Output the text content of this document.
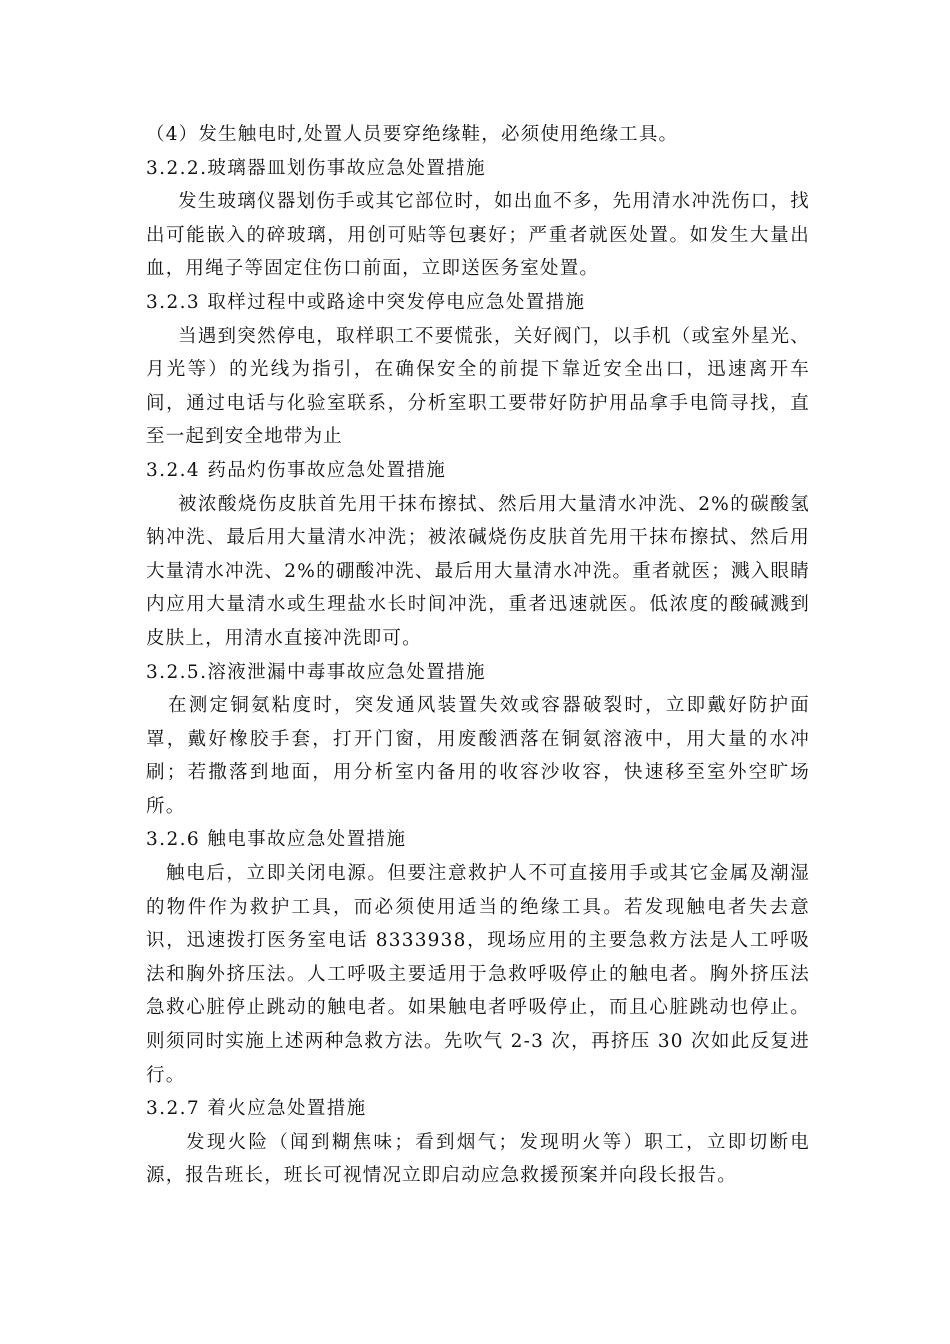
（4）发生触电时,处置人员要穿绝缘鞋，必须使用绝缘工具。

3.2.2.玻璃器皿划伤事故应急处置措施

发生玻璃仪器划伤手或其它部位时，如出血不多，先用清水冲洗伤口，找出可能嵌入的碎玻璃，用创可贴等包裹好；严重者就医处置。如发生大量出血，用绳子等固定住伤口前面，立即送医务室处置。

3.2.3 取样过程中或路途中突发停电应急处置措施

当遇到突然停电，取样职工不要慌张，关好阀门，以手机（或室外星光、月光等）的光线为指引，在确保安全的前提下靠近安全出口，迅速离开车间，通过电话与化验室联系，分析室职工要带好防护用品拿手电筒寻找，直至一起到安全地带为止

3.2.4 药品灼伤事故应急处置措施

被浓酸烧伤皮肤首先用干抹布擦拭、然后用大量清水冲洗、2%的碳酸氢钠冲洗、最后用大量清水冲洗；被浓碱烧伤皮肤首先用干抹布擦拭、然后用大量清水冲洗、2%的硼酸冲洗、最后用大量清水冲洗。重者就医；溅入眼睛内应用大量清水或生理盐水长时间冲洗，重者迅速就医。低浓度的酸碱溅到皮肤上，用清水直接冲洗即可。

3.2.5.溶液泄漏中毒事故应急处置措施

在测定铜氨粘度时，突发通风装置失效或容器破裂时，立即戴好防护面罩，戴好橡胶手套，打开门窗，用废酸洒落在铜氨溶液中，用大量的水冲刷；若撒落到地面，用分析室内备用的收容沙收容，快速移至室外空旷场所。

3.2.6 触电事故应急处置措施

触电后，立即关闭电源。但要注意救护人不可直接用手或其它金属及潮湿的物件作为救护工具，而必须使用适当的绝缘工具。若发现触电者失去意识，迅速拨打医务室电话 8333938，现场应用的主要急救方法是人工呼吸法和胸外挤压法。人工呼吸主要适用于急救呼吸停止的触电者。胸外挤压法急救心脏停止跳动的触电者。如果触电者呼吸停止，而且心脏跳动也停止。则须同时实施上述两种急救方法。先吹气 2-3 次，再挤压 30 次如此反复进行。

3.2.7 着火应急处置措施

发现火险（闻到糊焦味；看到烟气；发现明火等）职工，立即切断电源，报告班长，班长可视情况立即启动应急救援预案并向段长报告。
